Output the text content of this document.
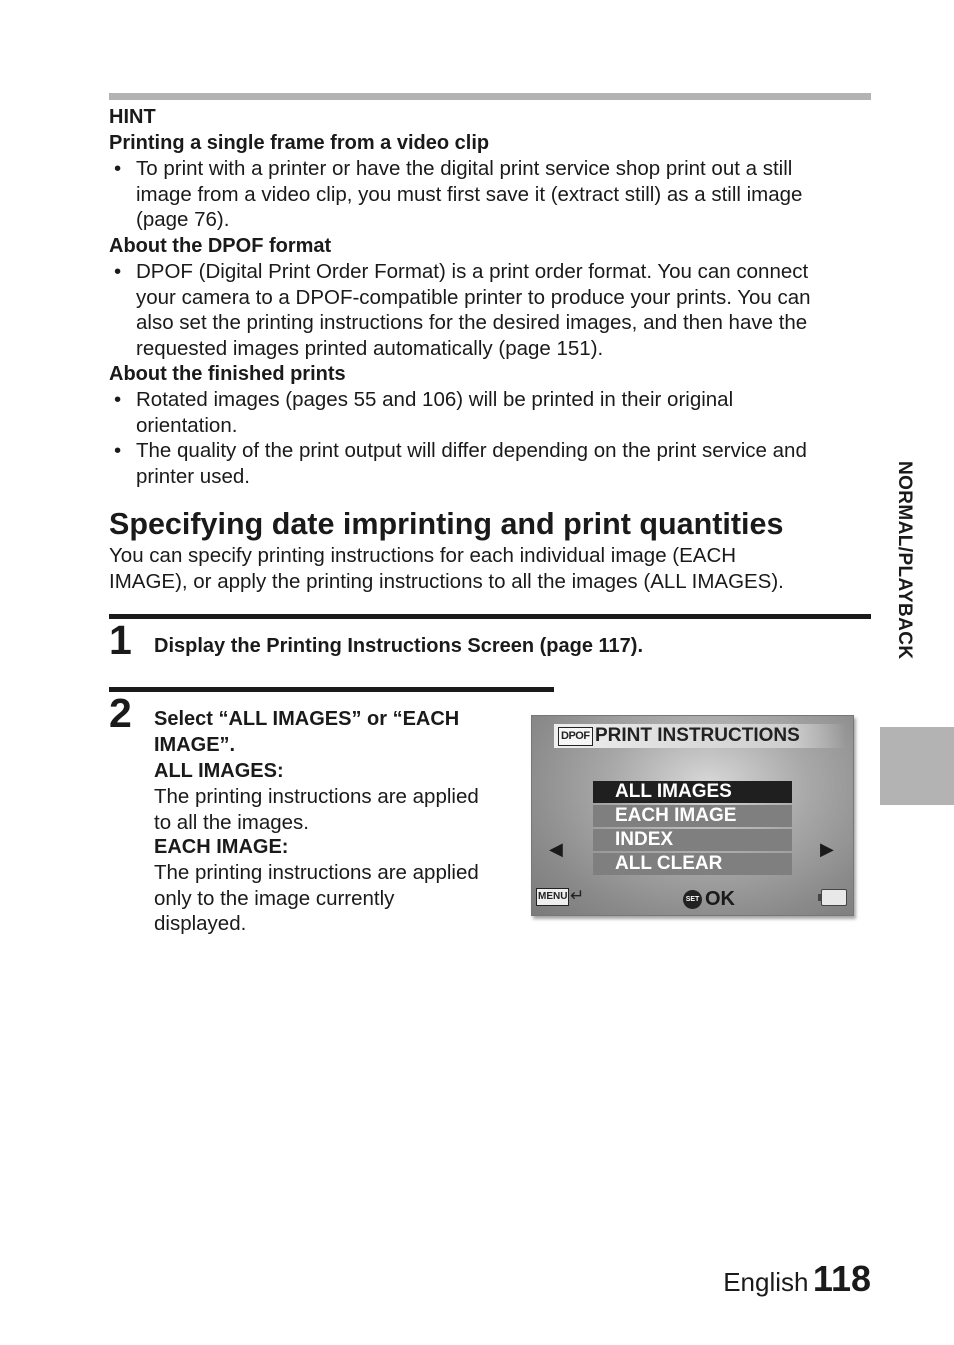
HINT
Printing a single frame from a video clip
• To print with a printer or have the digital print service shop print out a still
image from a video clip, you must first save it (extract still) as a still image
(page 76).
About the DPOF format
• DPOF (Digital Print Order Format) is a print order format. You can connect
your camera to a DPOF-compatible printer to produce your prints. You can
also set the printing instructions for the desired images, and then have the
requested images printed automatically (page 151).
About the finished prints
• Rotated images (pages 55 and 106) will be printed in their original
orientation.
• The quality of the print output will differ depending on the print service and
printer used.
Specifying date imprinting and print quantities
You can specify printing instructions for each individual image (EACH
IMAGE), or apply the printing instructions to all the images (ALL IMAGES).
1 Display the Printing Instructions Screen (page 117).
2 Select “ALL IMAGES” or “EACH
IMAGE”.
ALL IMAGES:
The printing instructions are applied
to all the images.
EACH IMAGE:
The printing instructions are applied
only to the image currently
displayed.
DPOF PRINT INSTRUCTIONS
ALL IMAGES
EACH IMAGE
INDEX
ALL CLEAR
◀	▶
MENU ↵	SET OK
NORMAL/PLAYBACK
English 118
